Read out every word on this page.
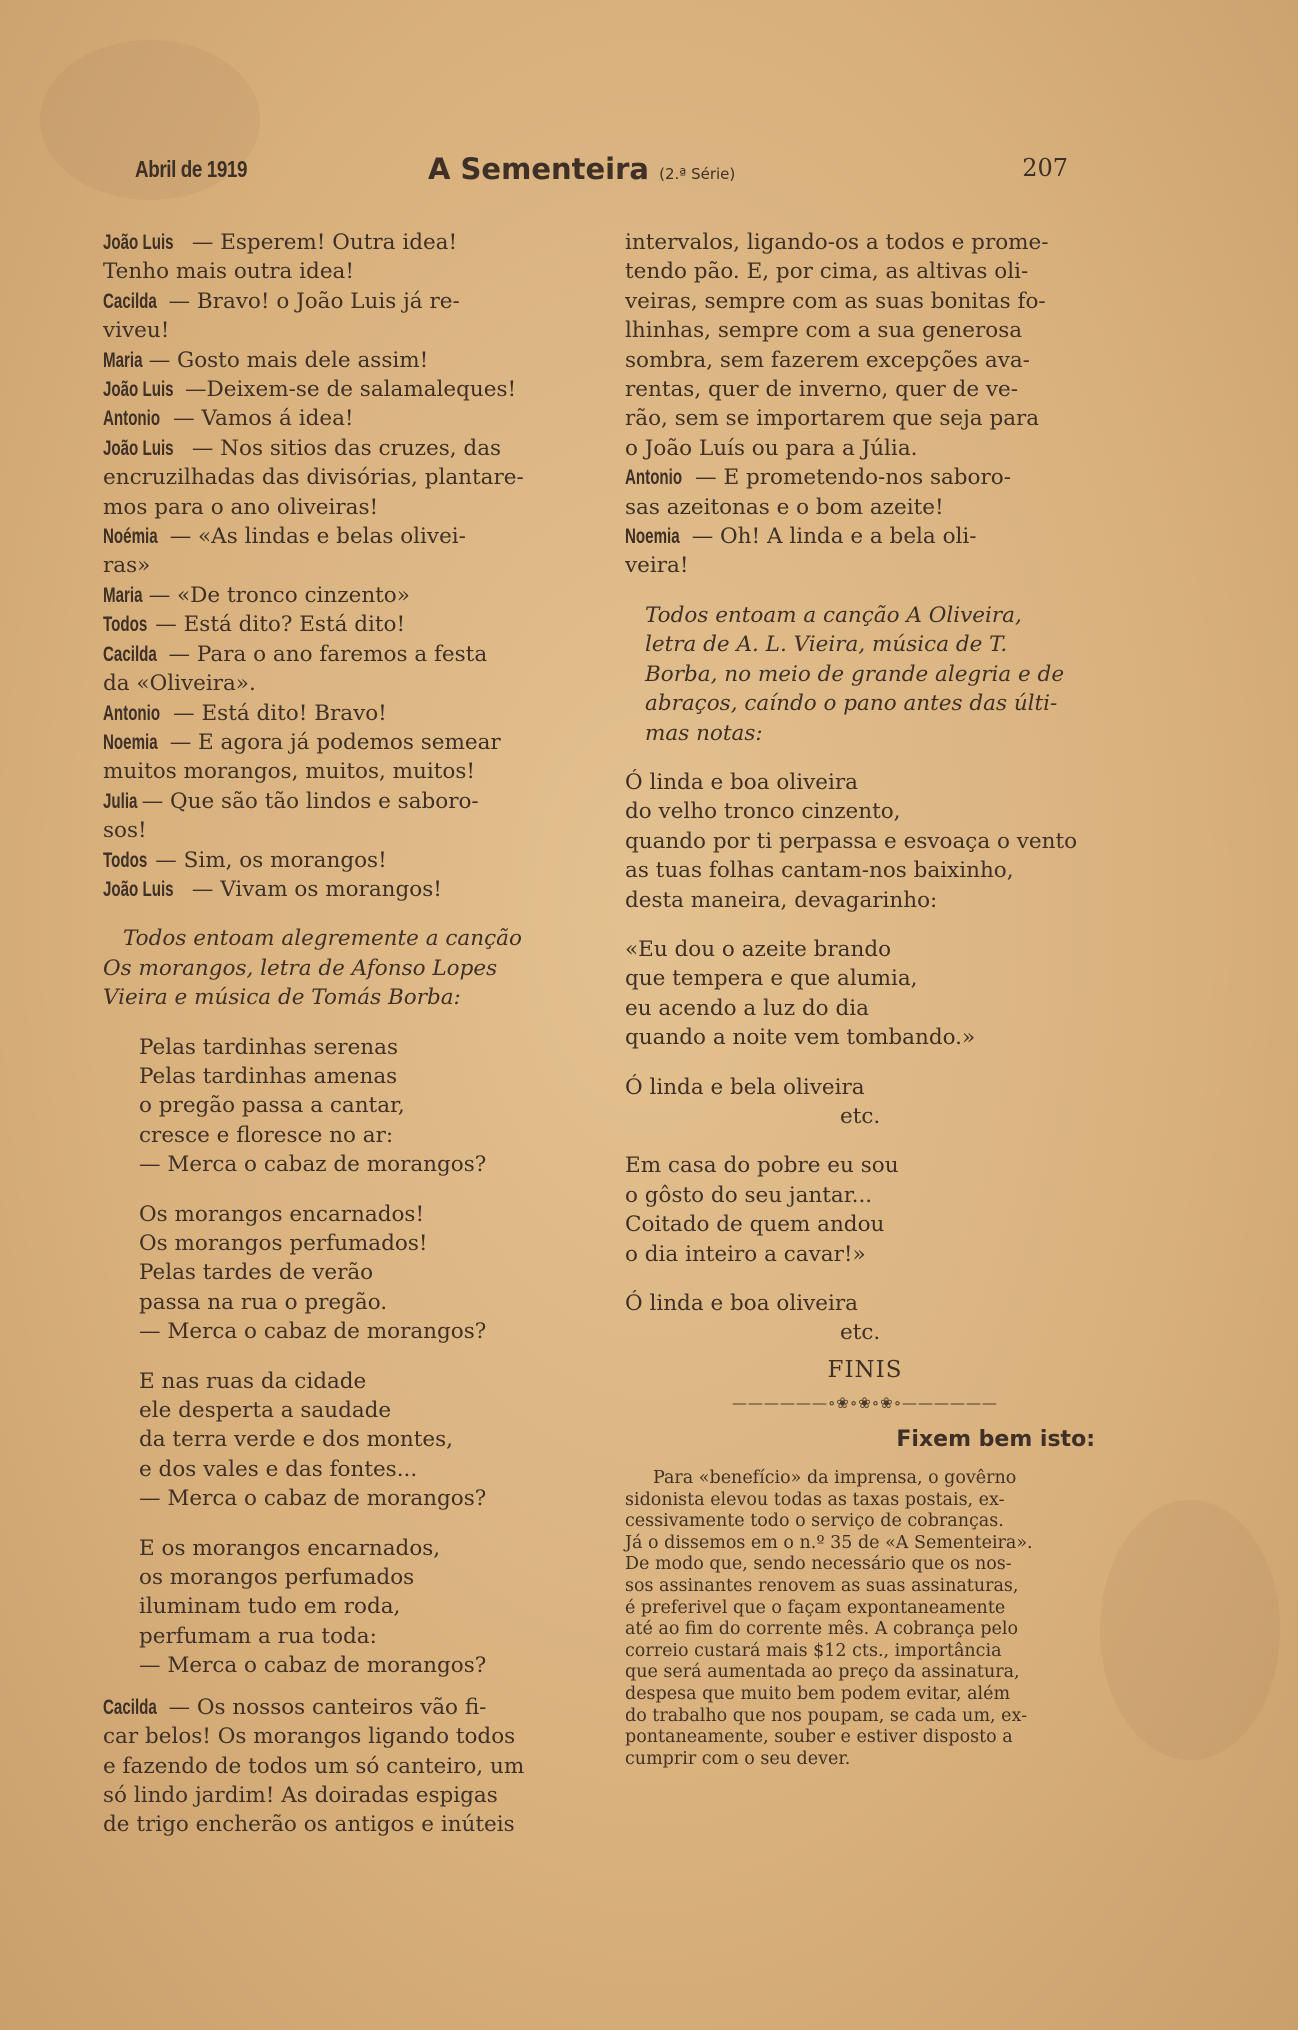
Abril de 1919	A Sementeira (2.ª Série)	207
João Luis — Esperem! Outra idea!
Tenho mais outra idea!
Cacilda — Bravo! o João Luis já re-
viveu!
Maria — Gosto mais dele assim!
João Luis —Deixem-se de salamaleques!
Antonio — Vamos á idea!
João Luis — Nos sitios das cruzes, das
encruzilhadas das divisórias, plantare-
mos para o ano oliveiras!
Noémia — «As lindas e belas olivei-
ras»
Maria — «De tronco cinzento»
Todos — Está dito? Está dito!
Cacilda — Para o ano faremos a festa
da «Oliveira».
Antonio — Está dito! Bravo!
Noemia — E agora já podemos semear
muitos morangos, muitos, muitos!
Julia — Que são tão lindos e saboro-
sos!
Todos — Sim, os morangos!
João Luis — Vivam os morangos!
Todos entoam alegremente a canção
Os morangos, letra de Afonso Lopes
Vieira e música de Tomás Borba:
Pelas tardinhas serenas
Pelas tardinhas amenas
o pregão passa a cantar,
cresce e floresce no ar:
— Merca o cabaz de morangos?
Os morangos encarnados!
Os morangos perfumados!
Pelas tardes de verão
passa na rua o pregão.
— Merca o cabaz de morangos?
E nas ruas da cidade
ele desperta a saudade
da terra verde e dos montes,
e dos vales e das fontes...
— Merca o cabaz de morangos?
E os morangos encarnados,
os morangos perfumados
iluminam tudo em roda,
perfumam a rua toda:
— Merca o cabaz de morangos?
Cacilda — Os nossos canteiros vão fi-
car belos! Os morangos ligando todos
e fazendo de todos um só canteiro, um
só lindo jardim! As doiradas espigas
de trigo encherão os antigos e inúteis
intervalos, ligando-os a todos e prome-
tendo pão. E, por cima, as altivas oli-
veiras, sempre com as suas bonitas fo-
lhinhas, sempre com a sua generosa
sombra, sem fazerem excepções ava-
rentas, quer de inverno, quer de ve-
rão, sem se importarem que seja para
o João Luís ou para a Júlia.
Antonio — E prometendo-nos saboro-
sas azeitonas e o bom azeite!
Noemia — Oh! A linda e a bela oli-
veira!
Todos entoam a canção A Oliveira,
letra de A. L. Vieira, música de T.
Borba, no meio de grande alegria e de
abraços, caíndo o pano antes das últi-
mas notas:
Ó linda e boa oliveira
do velho tronco cinzento,
quando por ti perpassa e esvoaça o vento
as tuas folhas cantam-nos baixinho,
desta maneira, devagarinho:
«Eu dou o azeite brando
que tempera e que alumia,
eu acendo a luz do dia
quando a noite vem tombando.»
Ó linda e bela oliveira
etc.
Em casa do pobre eu sou
o gôsto do seu jantar...
Coitado de quem andou
o dia inteiro a cavar!»
Ó linda e boa oliveira
etc.
FINIS
——————∘❀∘❀∘❀∘——————
Fixem bem isto:
Para «benefício» da imprensa, o govêrno
sidonista elevou todas as taxas postais, ex-
cessivamente todo o serviço de cobranças.
Já o dissemos em o n.º 35 de «A Sementeira».
De modo que, sendo necessário que os nos-
sos assinantes renovem as suas assinaturas,
é preferivel que o façam expontaneamente
até ao fim do corrente mês. A cobrança pelo
correio custará mais $12 cts., importância
que será aumentada ao preço da assinatura,
despesa que muito bem podem evitar, além
do trabalho que nos poupam, se cada um, ex-
pontaneamente, souber e estiver disposto a
cumprir com o seu dever.
